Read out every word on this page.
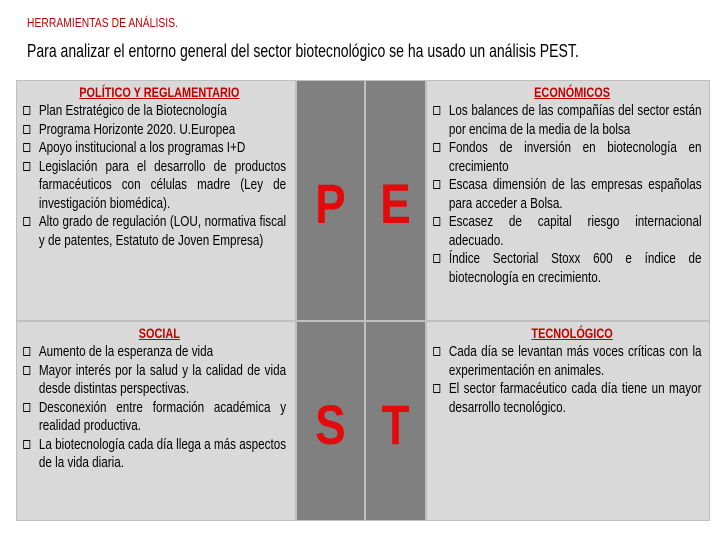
HERRAMIENTAS DE ANÁLISIS.
Para analizar el entorno general del sector biotecnológico se ha usado un análisis PEST.
POLÍTICO Y REGLAMENTARIO
Plan Estratégico de la Biotecnología
Programa Horizonte 2020. U.Europea
Apoyo institucional a los programas I+D
Legislación para el desarrollo de productos farmacéuticos con células madre (Ley de investigación biomédica).
Alto grado de regulación (LOU, normativa fiscal y de patentes, Estatuto de Joven Empresa)
P E
ECONÓMICOS
Los balances de las compañías del sector están por encima de la media de la bolsa
Fondos de inversión en biotecnología en crecimiento
Escasa dimensión de las empresas españolas para acceder a Bolsa.
Escasez de capital riesgo internacional adecuado.
Índice Sectorial Stoxx 600 e índice de biotecnología en crecimiento.
SOCIAL
Aumento de la esperanza de vida
Mayor interés por la salud y la calidad de vida desde distintas perspectivas.
Desconexión entre formación académica y realidad productiva.
La biotecnología cada día llega a más aspectos de la vida diaria.
S T
TECNOLÓGICO
Cada día se levantan más voces críticas con la experimentación en animales.
El sector farmacéutico cada día tiene un mayor desarrollo tecnológico.
